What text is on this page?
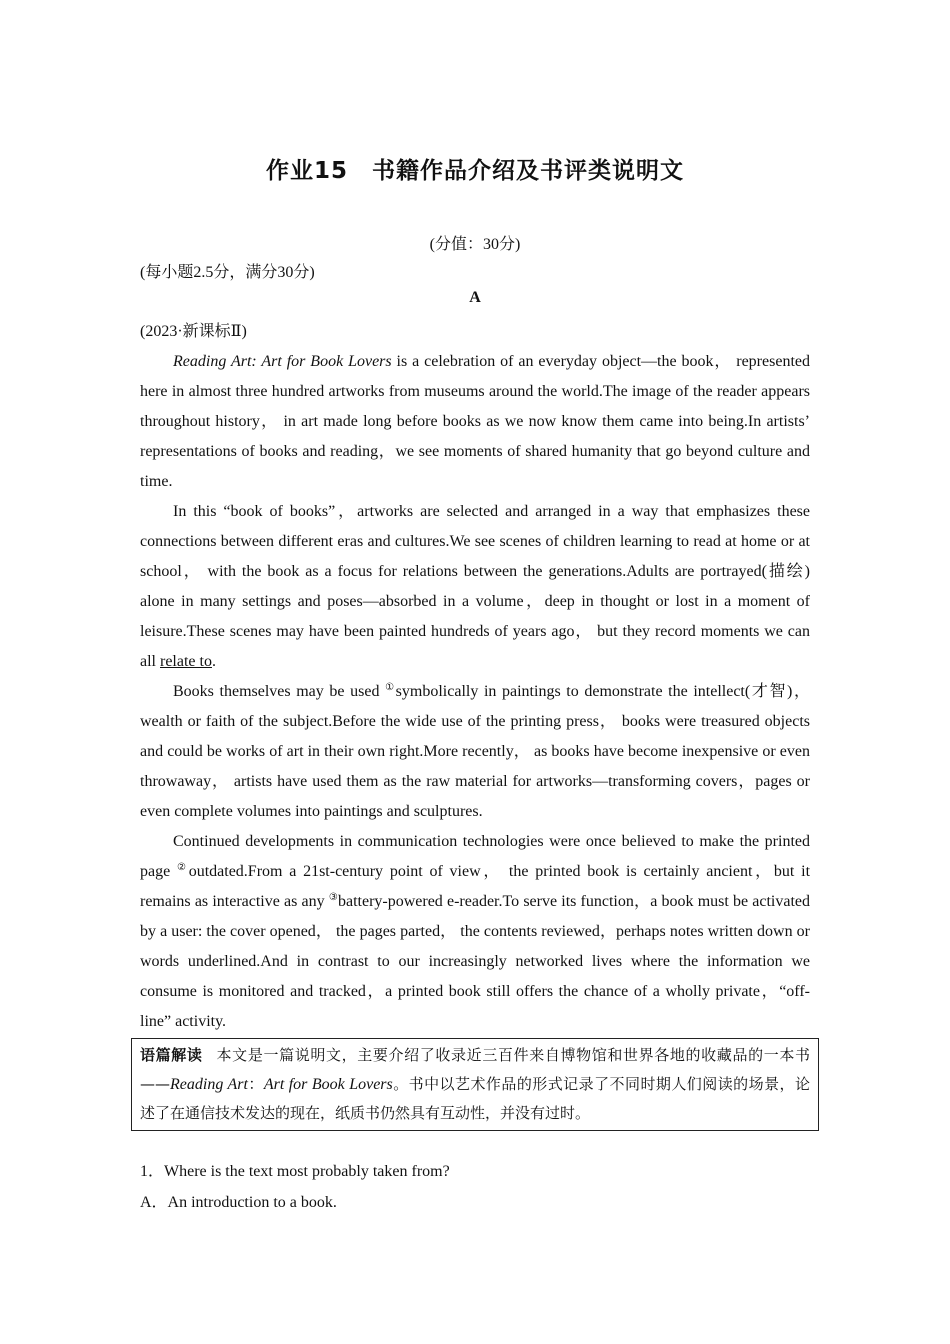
作业15　书籍作品介绍及书评类说明文
(分值：30分)
(每小题2.5分，满分30分)
A
(2023·新课标Ⅱ)

Reading Art: Art for Book Lovers is a celebration of an everyday object—the book， represented here in almost three hundred artworks from museums around the world.The image of the reader appears throughout history， in art made long before books as we now know them came into being.In artists’ representations of books and reading，we see moments of shared humanity that go beyond culture and time.

In this “book of books”，artworks are selected and arranged in a way that emphasizes these connections between different eras and cultures.We see scenes of children learning to read at home or at school， with the book as a focus for relations between the generations.Adults are portrayed(描绘) alone in many settings and poses—absorbed in a volume，deep in thought or lost in a moment of leisure.These scenes may have been painted hundreds of years ago， but they record moments we can all relate to.

Books themselves may be used ①symbolically in paintings to demonstrate the intellect(才智)，wealth or faith of the subject.Before the wide use of the printing press， books were treasured objects and could be works of art in their own right.More recently， as books have become inexpensive or even throwaway， artists have used them as the raw material for artworks—transforming covers，pages or even complete volumes into paintings and sculptures.

Continued developments in communication technologies were once believed to make the printed page ②outdated.From a 21st-century point of view， the printed book is certainly ancient，but it remains as interactive as any ③battery-powered e-reader.To serve its function，a book must be activated by a user: the cover opened， the pages parted， the contents reviewed，perhaps notes written down or words underlined.And in contrast to our increasingly networked lives where the information we consume is monitored and tracked，a printed book still offers the chance of a wholly private，“off-line” activity.

语篇解读 本文是一篇说明文，主要介绍了收录近三百件来自博物馆和世界各地的收藏品的一本书——Reading Art：Art for Book Lovers。书中以艺术作品的形式记录了不同时期人们阅读的场景，论述了在通信技术发达的现在，纸质书仍然具有互动性，并没有过时。
1．Where is the text most probably taken from?
A．An introduction to a book.
